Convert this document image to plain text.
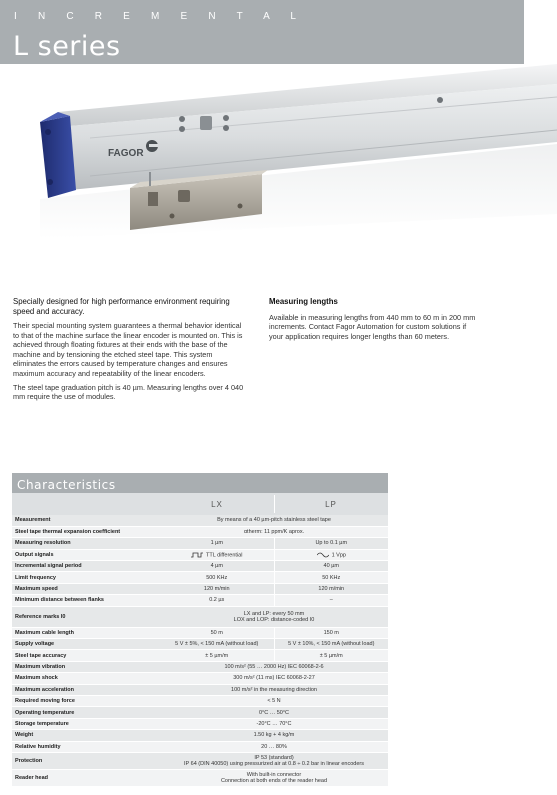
I N C R E M E N T A L
L series
FAGOR

Specially designed for high performance environment requiring speed and accuracy.

Their special mounting system guarantees a thermal behavior identical to that of the machine surface the linear encoder is mounted on. This is achieved through floating fixtures at their ends with the base of the machine and by tensioning the etched steel tape. This system eliminates the errors caused by temperature changes and ensures maximum accuracy and repeatability of the linear encoders.

The steel tape graduation pitch is 40 µm. Measuring lengths over 4 040 mm require the use of modules.

Measuring lengths

Available in measuring lengths from 440 mm to 60 m in 200 mm increments. Contact Fagor Automation for custom solutions if your application requires longer lengths than 60 meters.

Characteristics
LX	LP
Measurement	By means of a 40 µm-pitch stainless steel tape	
Steel tape thermal expansion coefficient	αtherm: 11 ppm/K aprox.	
Measuring resolution	1 µm	Up to 0.1 µm
Output signals	TTL differential	1 Vpp
Incremental signal period	4 µm	40 µm
Limit frequency	500 KHz	50 KHz
Maximum speed	120 m/min	120 m/min
Minimum distance between flanks	0.2 µs	–
Reference marks I0	LX and LP: every 50 mm
LOX and LOP: distance-coded I0	

Maximum cable length	50 m	150 m
Supply voltage	5 V ± 5%, < 150 mA (without load)	5 V ± 10%, < 150 mA (without load)
Steel tape accuracy	± 5 µm/m	± 5 µm/m
Maximum vibration	100 m/s² (55 … 2000 Hz) IEC 60068-2-6	
Maximum shock	300 m/s² (11 ms) IEC 60068-2-27	
Maximum acceleration	100 m/s² in the measuring direction	
Required moving force	< 5 N	
Operating temperature	0°C … 50°C	
Storage temperature	-20°C … 70°C	
Weight	1.50 kg + 4 kg/m	
Relative humidity	20 … 80%	
Protection	IP 53 (standard)
IP 64 (DIN 40050) using pressurized air at 0.8 ÷ 0.2 bar in linear encoders	

Reader head	With built-in connector
Connection at both ends of the reader head	
